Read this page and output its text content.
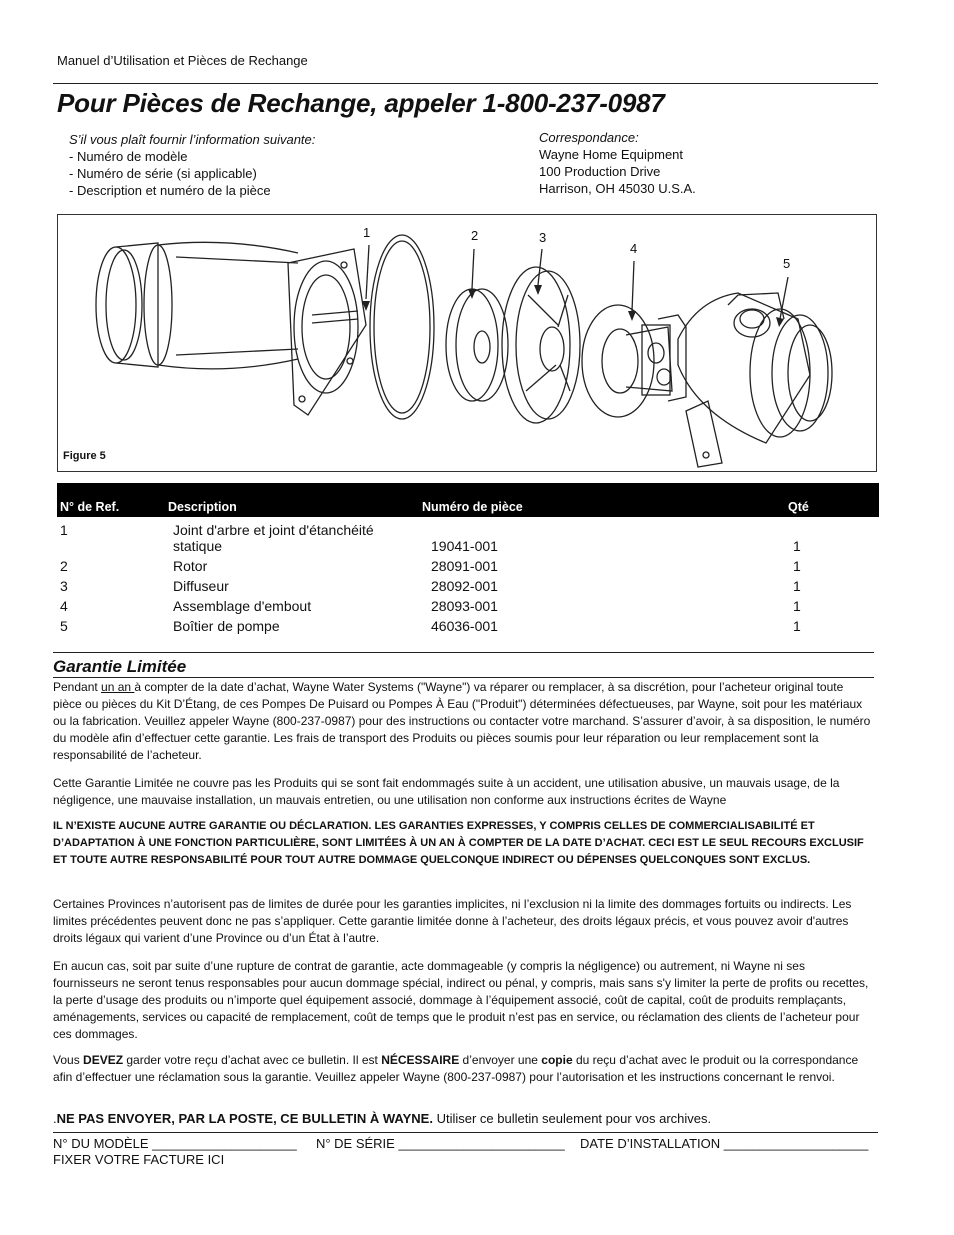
Manuel d’Utilisation et Pièces de Rechange
Pour Pièces de Rechange, appeler 1-800-237-0987
S’il vous plaît fournir l’information suivante:
- Numéro de modèle
- Numéro de série (si applicable)
- Description et numéro de la pièce
Correspondance:
Wayne Home Equipment
100 Production Drive
Harrison, OH 45030 U.S.A.
1	2	3
4
5
Figure 5
N° de Ref.	Description	Numéro de pièce	Qté
1	Joint d'arbre et joint d'étanchéité statique	19041-001	1
2	Rotor	28091-001	1
3	Diffuseur	28092-001	1
4	Assemblage d'embout	28093-001	1
5	Boîtier de pompe	46036-001	1
Garantie Limitée

Pendant un an à compter de la date d’achat, Wayne Water Systems ("Wayne") va réparer ou remplacer, à sa discrétion, pour l’acheteur original toute pièce ou pièces du Kit D’Étang, de ces Pompes De Puisard ou Pompes À Eau ("Produit") déterminées défectueuses, par Wayne, soit pour les matériaux ou la fabrication. Veuillez appeler Wayne (800-237-0987) pour des instructions ou contacter votre marchand. S’assurer d’avoir, à sa disposition, le numéro du modèle afin d’effectuer cette garantie. Les frais de transport des Produits ou pièces soumis pour leur réparation ou leur remplacement sont la responsabilité de l’acheteur.

Cette Garantie Limitée ne couvre pas les Produits qui se sont fait endommagés suite à un accident, une utilisation abusive, un mauvais usage, de la négligence, une mauvaise installation, un mauvais entretien, ou une utilisation non conforme aux instructions écrites de Wayne

IL N’EXISTE AUCUNE AUTRE GARANTIE OU DÉCLARATION. LES GARANTIES EXPRESSES, Y COMPRIS CELLES DE COMMERCIALISABILITÉ ET D’ADAPTATION À UNE FONCTION PARTICULIÈRE, SONT LIMITÉES À UN AN À COMPTER DE LA DATE D’ACHAT. CECI EST LE SEUL RECOURS EXCLUSIF ET TOUTE AUTRE RESPONSABILITÉ POUR TOUT AUTRE DOMMAGE QUELCONQUE INDIRECT OU DÉPENSES QUELCONQUES SONT EXCLUS.

Certaines Provinces n’autorisent pas de limites de durée pour les garanties implicites, ni l’exclusion ni la limite des dommages fortuits ou indirects. Les limites précédentes peuvent donc ne pas s’appliquer. Cette garantie limitée donne à l’acheteur, des droits légaux précis, et vous pouvez avoir d'autres droits légaux qui varient d’une Province ou d’un État à l’autre.

En aucun cas, soit par suite d’une rupture de contrat de garantie, acte dommageable (y compris la négligence) ou autrement, ni Wayne ni ses fournisseurs ne seront tenus responsables pour aucun dommage spécial, indirect ou pénal, y compris, mais sans s'y limiter la perte de profits ou recettes, la perte d’usage des produits ou n’importe quel équipement associé, dommage à l’équipement associé, coût de capital, coût de produits remplaçants, aménagements, services ou capacité de remplacement, coût de temps que le produit n’est pas en service, ou réclamation des clients de l’acheteur pour ces dommages.

Vous DEVEZ garder votre reçu d’achat avec ce bulletin. Il est NÉCESSAIRE d’envoyer une copie du reçu d’achat avec le produit ou la correspondance afin d’effectuer une réclamation sous la garantie. Veuillez appeler Wayne (800-237-0987) pour l’autorisation et les instructions concernant le renvoi.

.NE PAS ENVOYER, PAR LA POSTE, CE BULLETIN À WAYNE. Utiliser ce bulletin seulement pour vos archives.
N° DU MODÈLE ____________________ N° DE SÉRIE _______________________ DATE D’INSTALLATION ____________________
FIXER VOTRE FACTURE ICI
